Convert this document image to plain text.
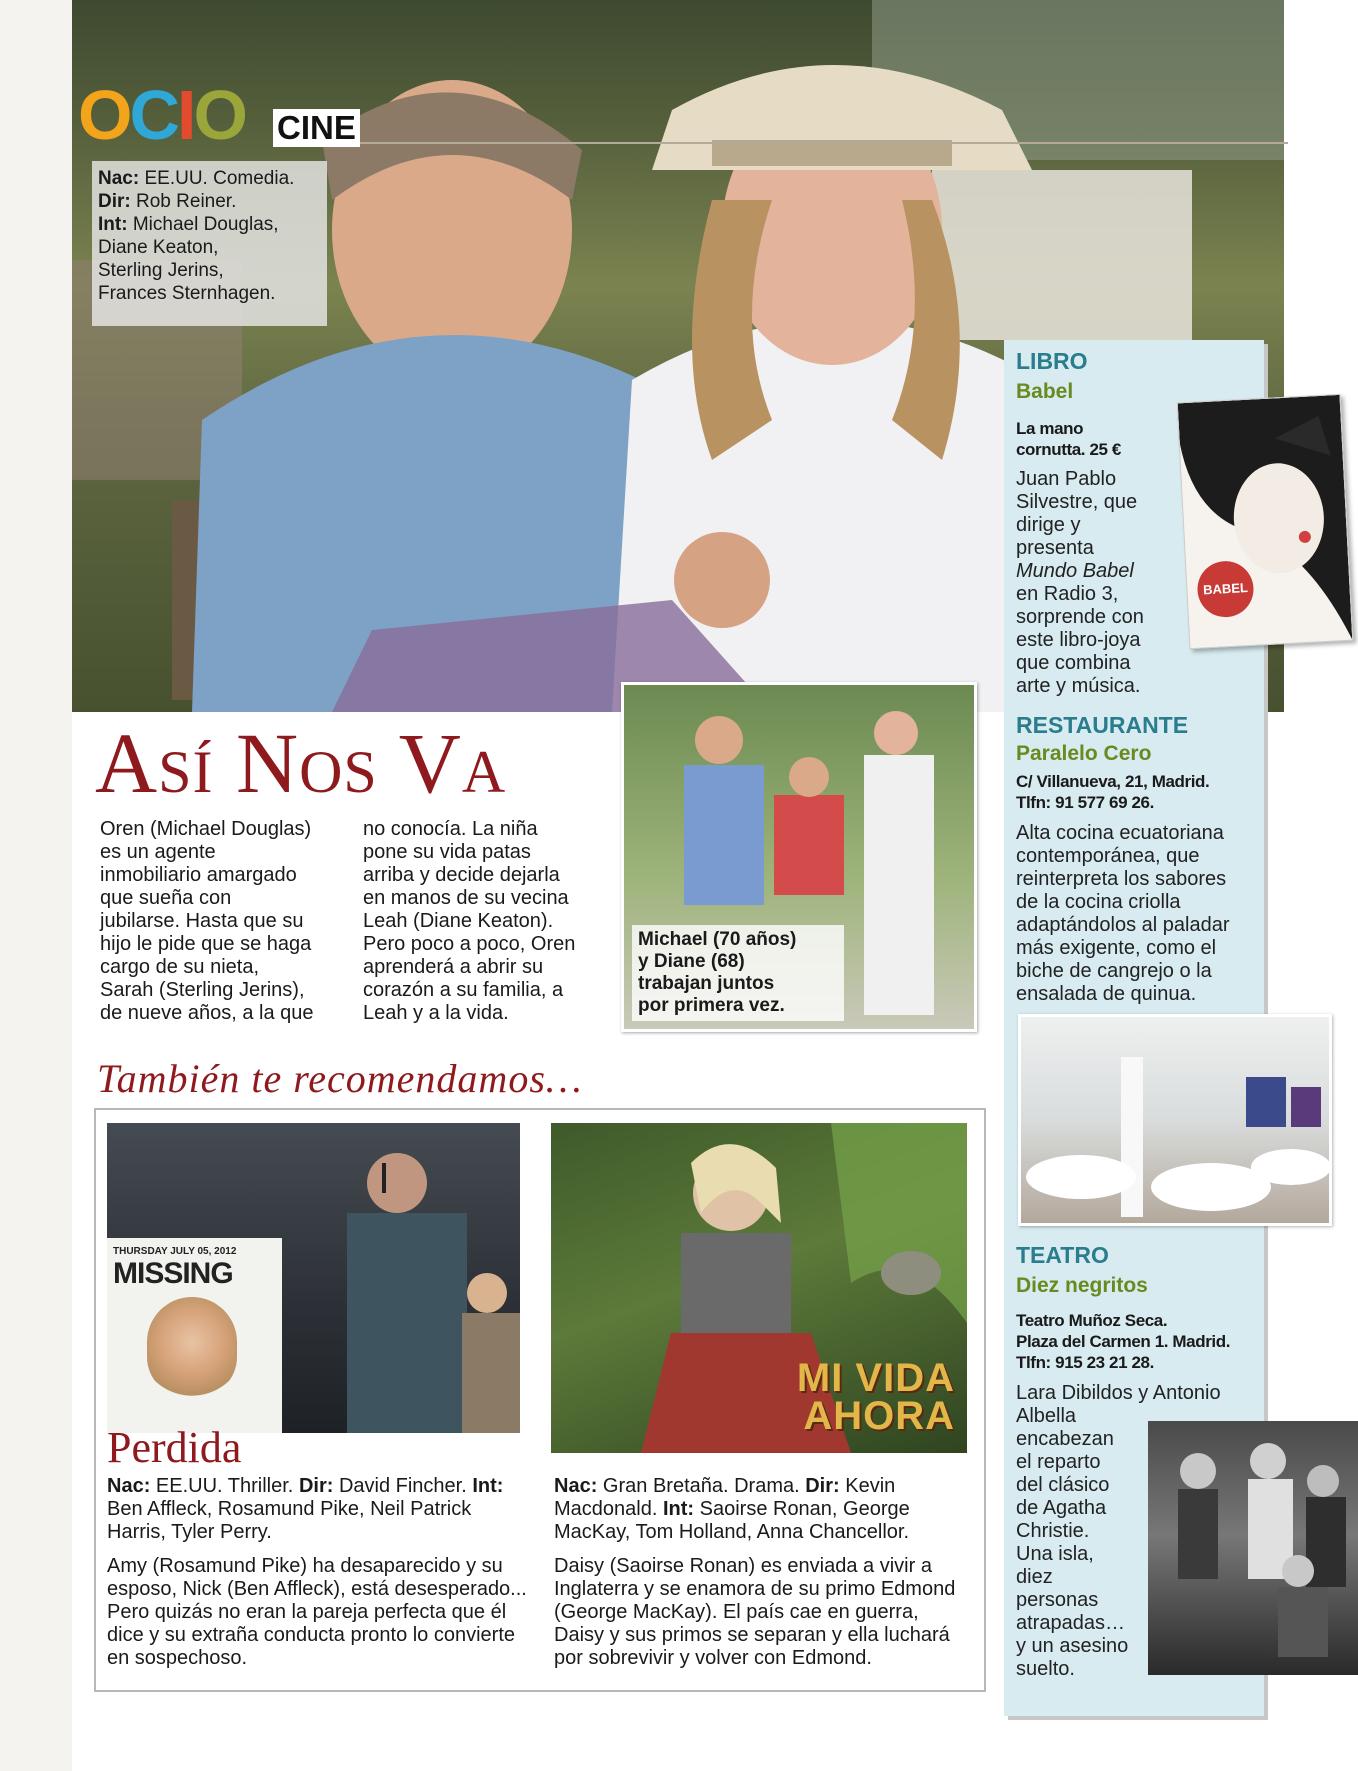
O C I O CINE
Nac: EE.UU. Comedia.
Dir: Rob Reiner.
Int: Michael Douglas,
Diane Keaton,
Sterling Jerins,
Frances Sternhagen.
Así Nos Va
Oren (Michael Douglas)
es un agente
inmobiliario amargado
que sueña con
jubilarse. Hasta que su
hijo le pide que se haga
cargo de su nieta,
Sarah (Sterling Jerins),
de nueve años, a la que
no conocía. La niña
pone su vida patas
arriba y decide dejarla
en manos de su vecina
Leah (Diane Keaton).
Pero poco a poco, Oren
aprenderá a abrir su
corazón a su familia, a
Leah y a la vida.
Michael (70 años)
y Diane (68)
trabajan juntos
por primera vez.
También te recomendamos…
THURSDAY JULY 05, 2012
MISSING
Perdida
Nac: EE.UU. Thriller. Dir: David Fincher. Int: Ben Affleck, Rosamund Pike, Neil Patrick Harris, Tyler Perry.
Amy (Rosamund Pike) ha desaparecido y su esposo, Nick (Ben Affleck), está desesperado... Pero quizás no eran la pareja perfecta que él dice y su extraña conducta pronto lo convierte en sospechoso.
MI VIDA
AHORA
Nac: Gran Bretaña. Drama. Dir: Kevin Macdonald. Int: Saoirse Ronan, George MacKay, Tom Holland, Anna Chancellor.
Daisy (Saoirse Ronan) es enviada a vivir a Inglaterra y se enamora de su primo Edmond (George MacKay). El país cae en guerra, Daisy y sus primos se separan y ella luchará por sobrevivir y volver con Edmond.
LIBRO
Babel
La mano
cornutta. 25 €
Juan Pablo
Silvestre, que
dirige y
presenta
Mundo Babel
en Radio 3,
sorprende con
este libro-joya
que combina
arte y música.
BABEL
RESTAURANTE
Paralelo Cero
C/ Villanueva, 21, Madrid.
Tlfn: 91 577 69 26.
Alta cocina ecuatoriana
contemporánea, que
reinterpreta los sabores
de la cocina criolla
adaptándolos al paladar
más exigente, como el
biche de cangrejo o la
ensalada de quinua.
TEATRO
Diez negritos
Teatro Muñoz Seca.
Plaza del Carmen 1. Madrid.
Tlfn: 915 23 21 28.
Lara Dibildos y Antonio
Albella
encabezan
el reparto
del clásico
de Agatha
Christie.
Una isla,
diez
personas
atrapadas…
y un asesino
suelto.
